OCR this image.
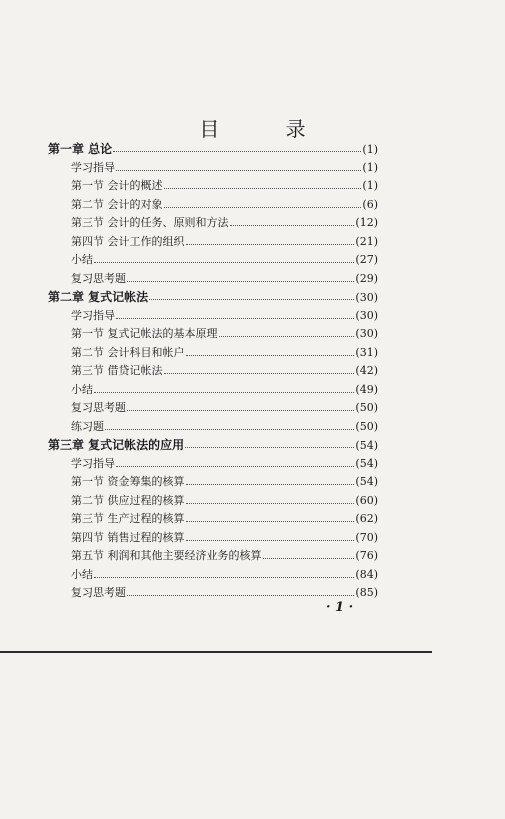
目 录
第一章 总论	(1)
学习指导	(1)
第一节 会计的概述	(1)
第二节 会计的对象	(6)
第三节 会计的任务、原则和方法	(12)
第四节 会计工作的组织	(21)
小结	(27)
复习思考题	(29)
第二章 复式记帐法	(30)
学习指导	(30)
第一节 复式记帐法的基本原理	(30)
第二节 会计科目和帐户	(31)
第三节 借贷记帐法	(42)
小结	(49)
复习思考题	(50)
练习题	(50)
第三章 复式记帐法的应用	(54)
学习指导	(54)
第一节 资金筹集的核算	(54)
第二节 供应过程的核算	(60)
第三节 生产过程的核算	(62)
第四节 销售过程的核算	(70)
第五节 利润和其他主要经济业务的核算	(76)
小结	(84)
复习思考题	(85)
· 1 ·
